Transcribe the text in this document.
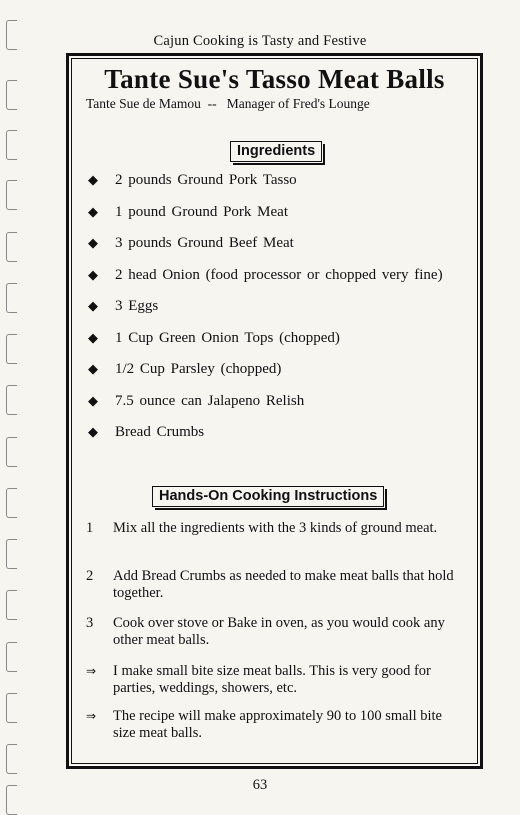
Cajun Cooking is Tasty and Festive
Tante Sue's Tasso Meat Balls
Tante Sue de Mamou -- Manager of Fred's Lounge
Ingredients
◆ 2 pounds Ground Pork Tasso
◆ 1 pound Ground Pork Meat
◆ 3 pounds Ground Beef Meat
◆ 2 head Onion (food processor or chopped very fine)
◆ 3 Eggs
◆ 1 Cup Green Onion Tops (chopped)
◆ 1/2 Cup Parsley (chopped)
◆ 7.5 ounce can Jalapeno Relish
◆ Bread Crumbs
Hands-On Cooking Instructions
1 Mix all the ingredients with the 3 kinds of ground meat.
2 Add Bread Crumbs as needed to make meat balls that hold together.
3 Cook over stove or Bake in oven, as you would cook any other meat balls.
⇒ I make small bite size meat balls. This is very good for parties, weddings, showers, etc.
⇒ The recipe will make approximately 90 to 100 small bite size meat balls.
63
